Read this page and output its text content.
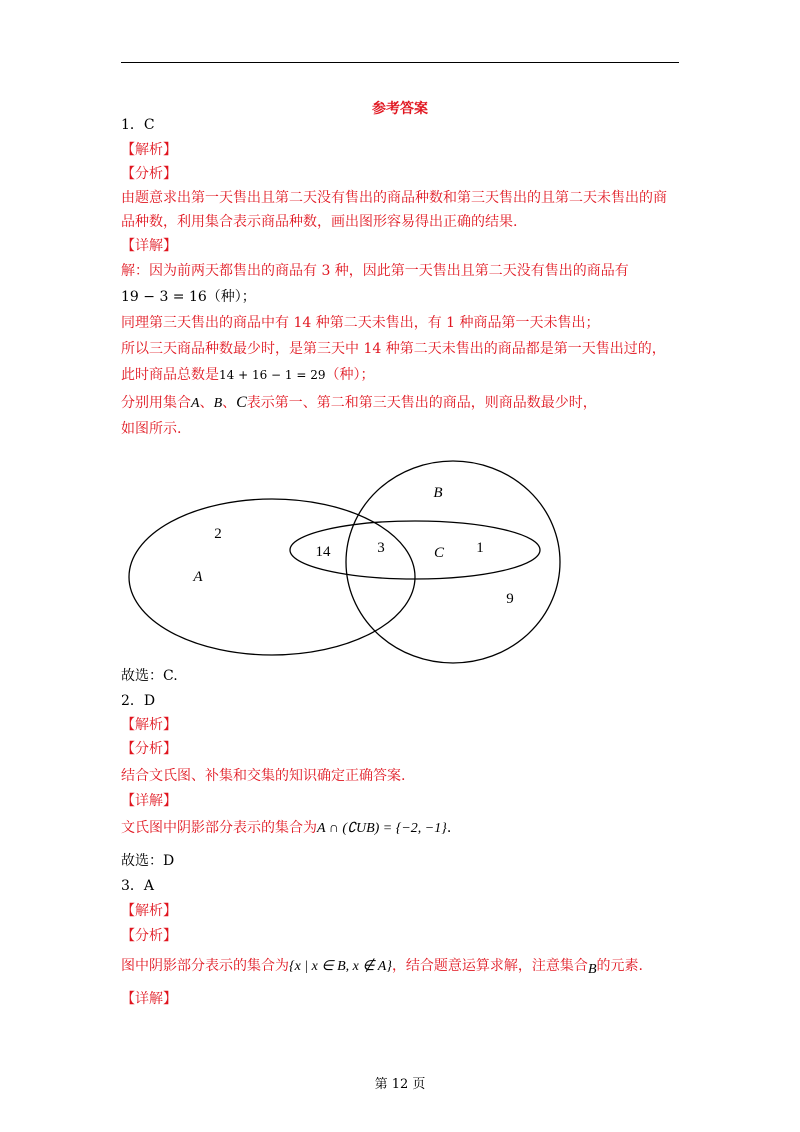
参考答案
1．C
【解析】
【分析】
由题意求出第一天售出且第二天没有售出的商品种数和第三天售出的且第二天未售出的商
品种数，利用集合表示商品种数，画出图形容易得出正确的结果.
【详解】
解：因为前两天都售出的商品有 3 种，因此第一天售出且第二天没有售出的商品有
19 − 3 = 16（种）；
同理第三天售出的商品中有 14 种第二天未售出，有 1 种商品第一天未售出；
所以三天商品种数最少时，是第三天中 14 种第二天未售出的商品都是第一天售出过的，
此时商品总数是14 + 16 − 1 = 29（种）；
分别用集合A、B、C表示第一、第二和第三天售出的商品，则商品数最少时，
如图所示.
B
2
A
14	3	C 1
9
故选：C.
2．D
【解析】
【分析】
结合文氏图、补集和交集的知识确定正确答案.
【详解】
文氏图中阴影部分表示的集合为A ∩ (∁UB) = {−2, −1}.
故选：D
3．A
【解析】
【分析】
图中阴影部分表示的集合为{x | x ∈ B, x ∉ A}，结合题意运算求解，注意集合B的元素.
【详解】
第 12 页
